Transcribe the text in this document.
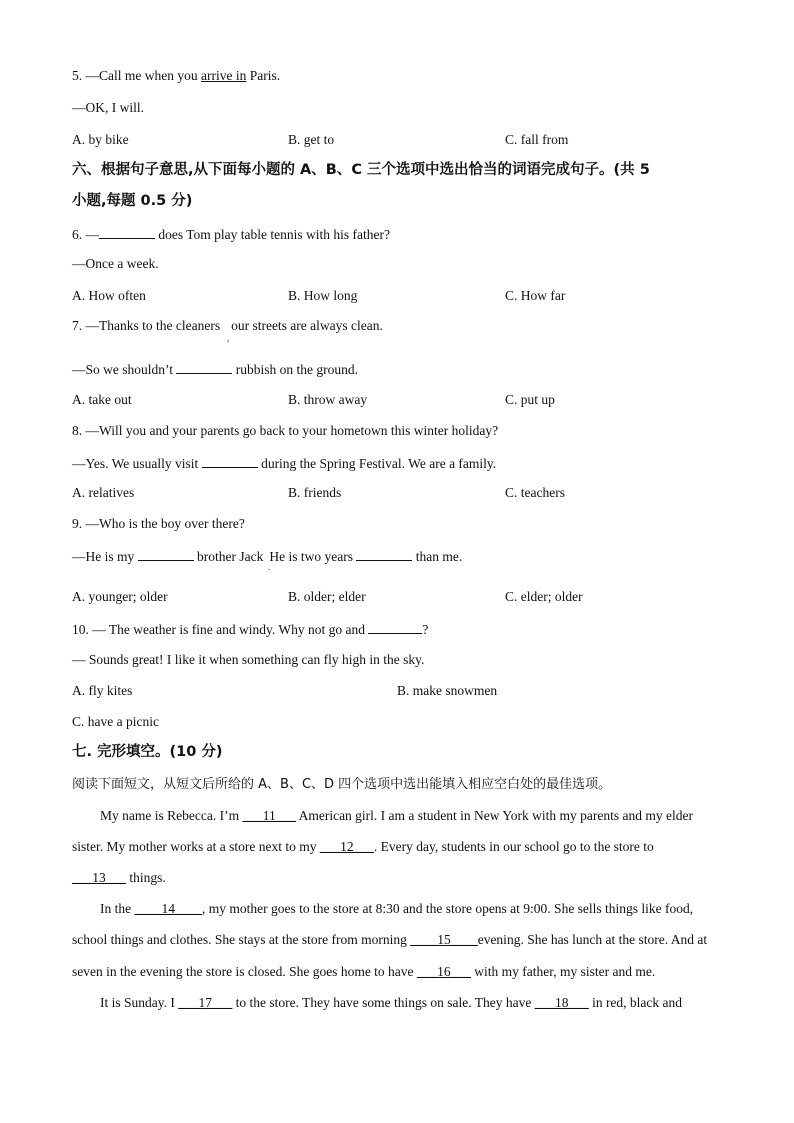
5. —Call me when you arrive in Paris.
—OK, I will.
A. by bike	B. get to	C. fall from
六、根据句子意思,从下面每小题的 A、B、C 三个选项中选出恰当的词语完成句子。(共 5
小题,每题 0.5 分)
6. —	does Tom play table tennis with his father?
—Once a week.
A. How often	B. How long	C. How far
7. —Thanks to the cleaners our streets are always clean.
,
—So we shouldn’t	rubbish on the ground.
A. take out	B. throw away	C. put up
8. —Will you and your parents go back to your hometown this winter holiday?
—Yes. We usually visit	during the Spring Festival. We are a family.
A. relatives	B. friends	C. teachers
9. —Who is the boy over there?
—He is my	brother Jack He is two years	than me.
.
A. younger; older	B. older; elder	C. elder; older
10. — The weather is fine and windy. Why not go and	?
— Sounds great! I like it when something can fly high in the sky.
A. fly kites	B. make snowmen
C. have a picnic
七. 完形填空。(10 分)
阅读下面短文，从短文后所给的 A、B、C、D 四个选项中选出能填入相应空白处的最佳选项。
My name is Rebecca. I’m ___11___ American girl. I am a student in New York with my parents and my elder
sister. My mother works at a store next to my ___12___. Every day, students in our school go to the store to
___13___ things.
In the ____14____, my mother goes to the store at 8:30 and the store opens at 9:00. She sells things like food,
school things and clothes. She stays at the store from morning ____15____evening. She has lunch at the store. And at
seven in the evening the store is closed. She goes home to have ___16___ with my father, my sister and me.
It is Sunday. I ___17___ to the store. They have some things on sale. They have ___18___ in red, black and
